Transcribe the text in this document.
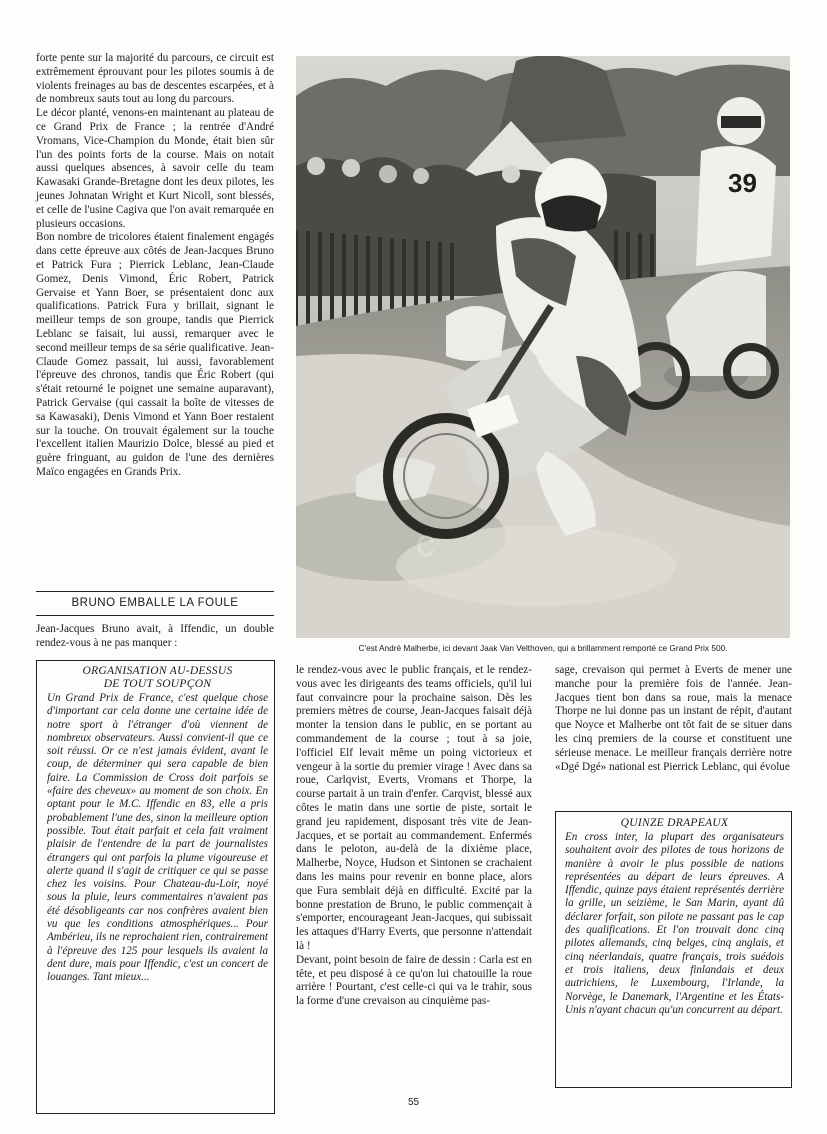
forte pente sur la majorité du parcours, ce circuit est extrêmement éprouvant pour les pilotes soumis à de violents freinages au bas de descentes escarpées, et à de nombreux sauts tout au long du parcours.

Le décor planté, venons-en maintenant au plateau de ce Grand Prix de France ; la rentrée d'André Vromans, Vice-Champion du Monde, était bien sûr l'un des points forts de la course. Mais on notait aussi quelques absences, à savoir celle du team Kawasaki Grande-Bretagne dont les deux pilotes, les jeunes Johnatan Wright et Kurt Nicoll, sont blessés, et celle de l'usine Cagiva que l'on avait remarquée en plusieurs occasions.

Bon nombre de tricolores étaient finalement engagés dans cette épreuve aux côtés de Jean-Jacques Bruno et Patrick Fura ; Pierrick Leblanc, Jean-Claude Gomez, Denis Vimond, Éric Robert, Patrick Gervaise et Yann Boer, se présentaient donc aux qualifications. Patrick Fura y brillait, signant le meilleur temps de son groupe, tandis que Pierrick Leblanc se faisait, lui aussi, remarquer avec le second meilleur temps de sa série qualificative. Jean-Claude Gomez passait, lui aussi, favorablement l'épreuve des chronos, tandis que Éric Robert (qui s'était retourné le poignet une semaine auparavant), Patrick Gervaise (qui cassait la boîte de vitesses de sa Kawasaki), Denis Vimond et Yann Boer restaient sur la touche. On trouvait également sur la touche l'excellent italien Maurizio Dolce, blessé au pied et guère fringuant, au guidon de l'une des dernières Maïco engagées en Grands Prix.

39
c
C'est André Malherbe, ici devant Jaak Van Velthoven, qui a brillamment remporté ce Grand Prix 500.
BRUNO EMBALLE LA FOULE

Jean-Jacques Bruno avait, à Iffendic, un double rendez-vous à ne pas manquer :

ORGANISATION AU-DESSUS
DE TOUT SOUPÇON

Un Grand Prix de France, c'est quelque chose d'important car cela donne une certaine idée de notre sport à l'étranger d'où viennent de nombreux observateurs. Aussi convient-il que ce soit réussi. Or ce n'est jamais évident, avant le coup, de déterminer qui sera capable de bien faire. La Commission de Cross doit parfois se «faire des cheveux» au moment de son choix. En optant pour le M.C. Iffendic en 83, elle a pris probablement l'une des, sinon la meilleure option possible. Tout était parfait et cela fait vraiment plaisir de l'entendre de la part de journalistes étrangers qui ont parfois la plume vigoureuse et alerte quand il s'agit de critiquer ce qui se passe chez les voisins. Pour Chateau-du-Loir, noyé sous la pluie, leurs commentaires n'avaient pas été désobligeants car nos confrères avaient bien vu que les conditions atmosphériques... Pour Ambérieu, ils ne reprochaient rien, contrairement à l'épreuve des 125 pour lesquels ils avaient la dent dure, mais pour Iffendic, c'est un concert de louanges. Tant mieux...

le rendez-vous avec le public français, et le rendez-vous avec les dirigeants des teams officiels, qu'il lui faut convaincre pour la prochaine saison. Dès les premiers mètres de course, Jean-Jacques faisait déjà monter la tension dans le public, en se portant au commandement de la course ; tout à sa joie, l'officiel Elf levait même un poing victorieux et vengeur à la sortie du premier virage ! Avec dans sa roue, Carlqvist, Everts, Vromans et Thorpe, la course partait à un train d'enfer. Carqvist, blessé aux côtes le matin dans une sortie de piste, sortait le grand jeu rapidement, disposant très vite de Jean-Jacques, et se portait au commandement. Enfermés dans le peloton, au-delà de la dixième place, Malherbe, Noyce, Hudson et Sintonen se crachaient dans les mains pour revenir en bonne place, alors que Fura semblait déjà en difficulté. Excité par la bonne prestation de Bruno, le public commençait à s'emporter, encourageant Jean-Jacques, qui subissait les attaques d'Harry Everts, que personne n'attendait là !

Devant, point besoin de faire de dessin : Carla est en tête, et peu disposé à ce qu'on lui chatouille la roue arrière ! Pourtant, c'est celle-ci qui va le trahir, sous la forme d'une crevaison au cinquième pas-

sage, crevaison qui permet à Everts de mener une manche pour la première fois de l'année. Jean-Jacques tient bon dans sa roue, mais la menace Thorpe ne lui donne pas un instant de répit, d'autant que Noyce et Malherbe ont tôt fait de se situer dans les cinq premiers de la course et constituent une sérieuse menace. Le meilleur français derrière notre «Dgé Dgé» national est Pierrick Leblanc, qui évolue

QUINZE DRAPEAUX

En cross inter, la plupart des organisateurs souhaitent avoir des pilotes de tous horizons de manière à avoir le plus possible de nations représentées au départ de leurs épreuves. A Iffendic, quinze pays étaient représentés derrière la grille, un seizième, le San Marin, ayant dû déclarer forfait, son pilote ne passant pas le cap des qualifications. Et l'on trouvait donc cinq pilotes allemands, cinq belges, cinq anglais, et cinq néerlandais, quatre français, trois suédois et trois italiens, deux finlandais et deux autrichiens, le Luxembourg, l'Irlande, la Norvège, le Danemark, l'Argentine et les États-Unis n'ayant chacun qu'un concurrent au départ.

55
